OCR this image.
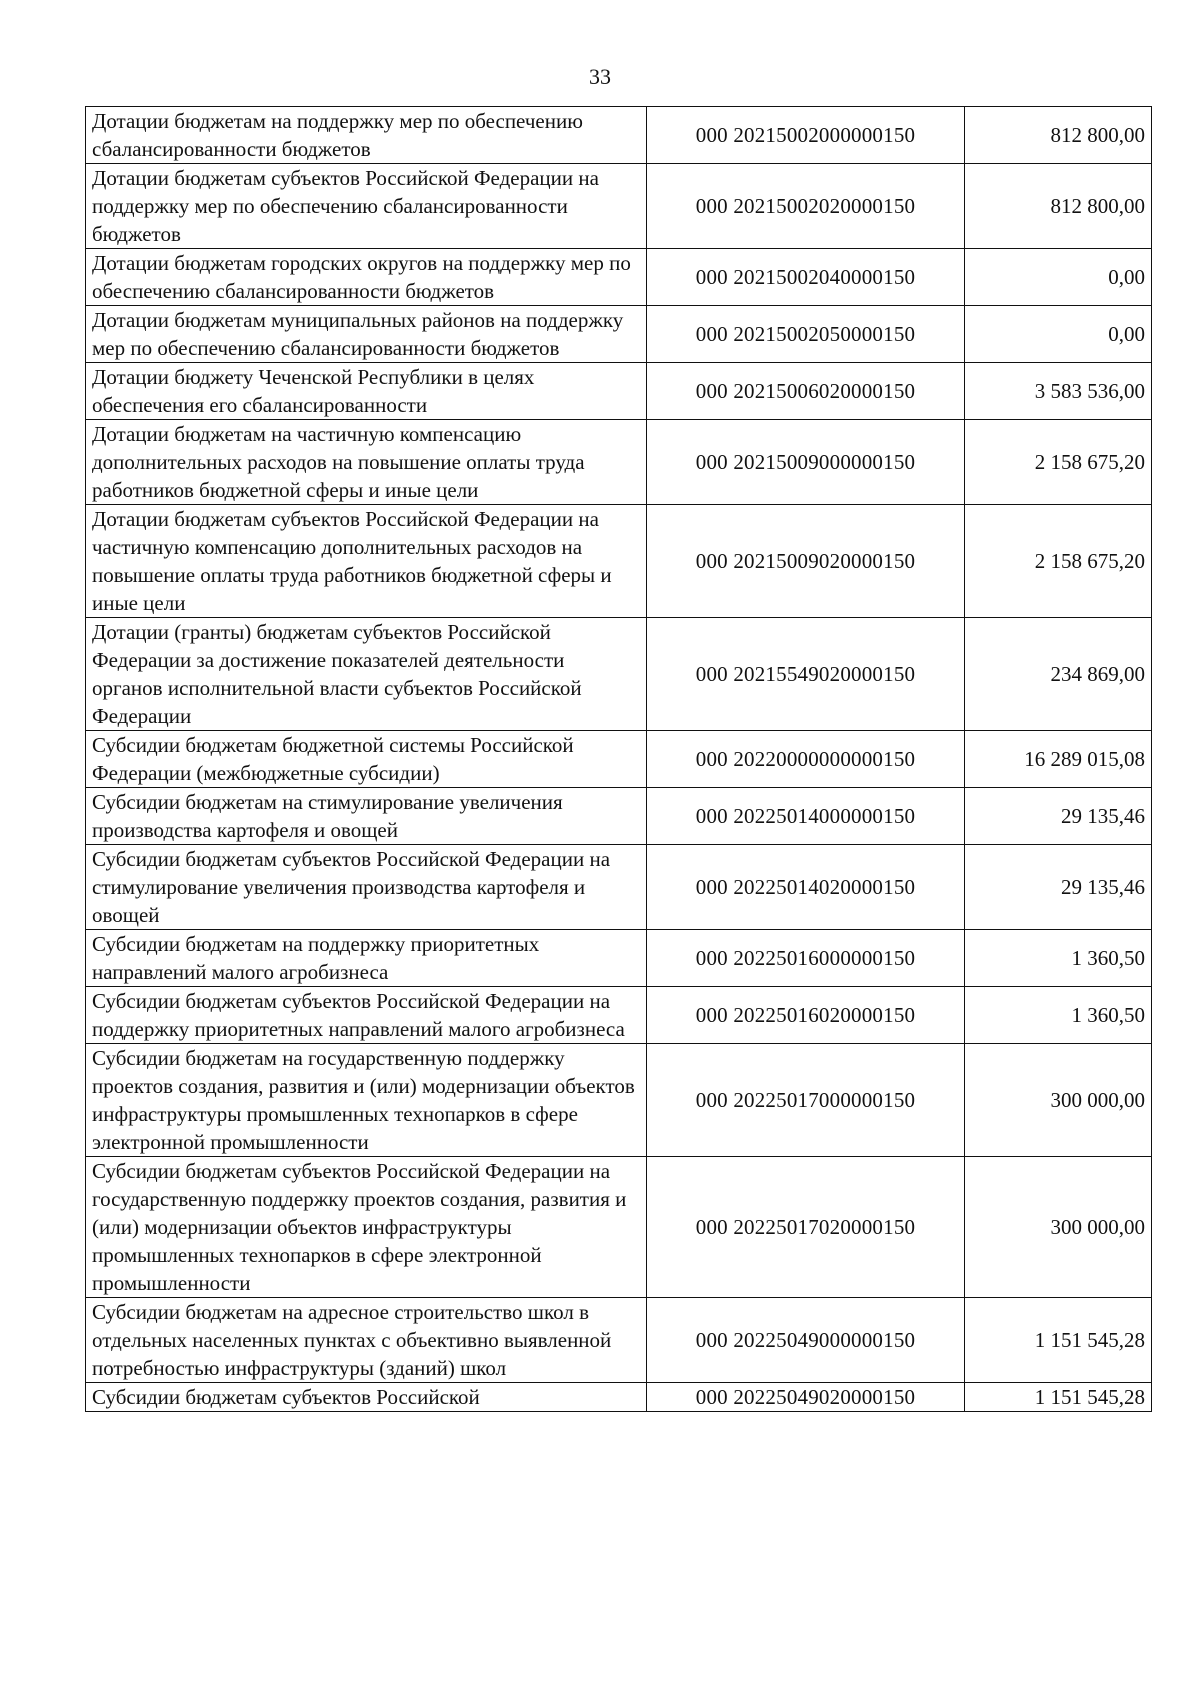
33
Дотации бюджетам на поддержку мер по обеспечению сбалансированности бюджетов	000 20215002000000150	812 800,00
Дотации бюджетам субъектов Российской Федерации на поддержку мер по обеспечению сбалансированности бюджетов	000 20215002020000150	812 800,00
Дотации бюджетам городских округов на поддержку мер по обеспечению сбалансированности бюджетов	000 20215002040000150	0,00
Дотации бюджетам муниципальных районов на поддержку мер по обеспечению сбалансированности бюджетов	000 20215002050000150	0,00
Дотации бюджету Чеченской Республики в целях обеспечения его сбалансированности	000 20215006020000150	3 583 536,00
Дотации бюджетам на частичную компенсацию дополнительных расходов на повышение оплаты труда работников бюджетной сферы и иные цели	000 20215009000000150	2 158 675,20
Дотации бюджетам субъектов Российской Федерации на частичную компенсацию дополнительных расходов на повышение оплаты труда работников бюджетной сферы и иные цели	000 20215009020000150	2 158 675,20
Дотации (гранты) бюджетам субъектов Российской Федерации за достижение показателей деятельности органов исполнительной власти субъектов Российской Федерации	000 20215549020000150	234 869,00
Субсидии бюджетам бюджетной системы Российской Федерации (межбюджетные субсидии)	000 20220000000000150	16 289 015,08
Субсидии бюджетам на стимулирование увеличения производства картофеля и овощей	000 20225014000000150	29 135,46
Субсидии бюджетам субъектов Российской Федерации на стимулирование увеличения производства картофеля и овощей	000 20225014020000150	29 135,46
Субсидии бюджетам на поддержку приоритетных направлений малого агробизнеса	000 20225016000000150	1 360,50
Субсидии бюджетам субъектов Российской Федерации на поддержку приоритетных направлений малого агробизнеса	000 20225016020000150	1 360,50
Субсидии бюджетам на государственную поддержку проектов создания, развития и (или) модернизации объектов инфраструктуры промышленных технопарков в сфере электронной промышленности	000 20225017000000150	300 000,00
Субсидии бюджетам субъектов Российской Федерации на государственную поддержку проектов создания, развития и (или) модернизации объектов инфраструктуры промышленных технопарков в сфере электронной промышленности	000 20225017020000150	300 000,00
Субсидии бюджетам на адресное строительство школ в отдельных населенных пунктах с объективно выявленной потребностью инфраструктуры (зданий) школ	000 20225049000000150	1 151 545,28
Субсидии бюджетам субъектов Российской	000 20225049020000150	1 151 545,28
